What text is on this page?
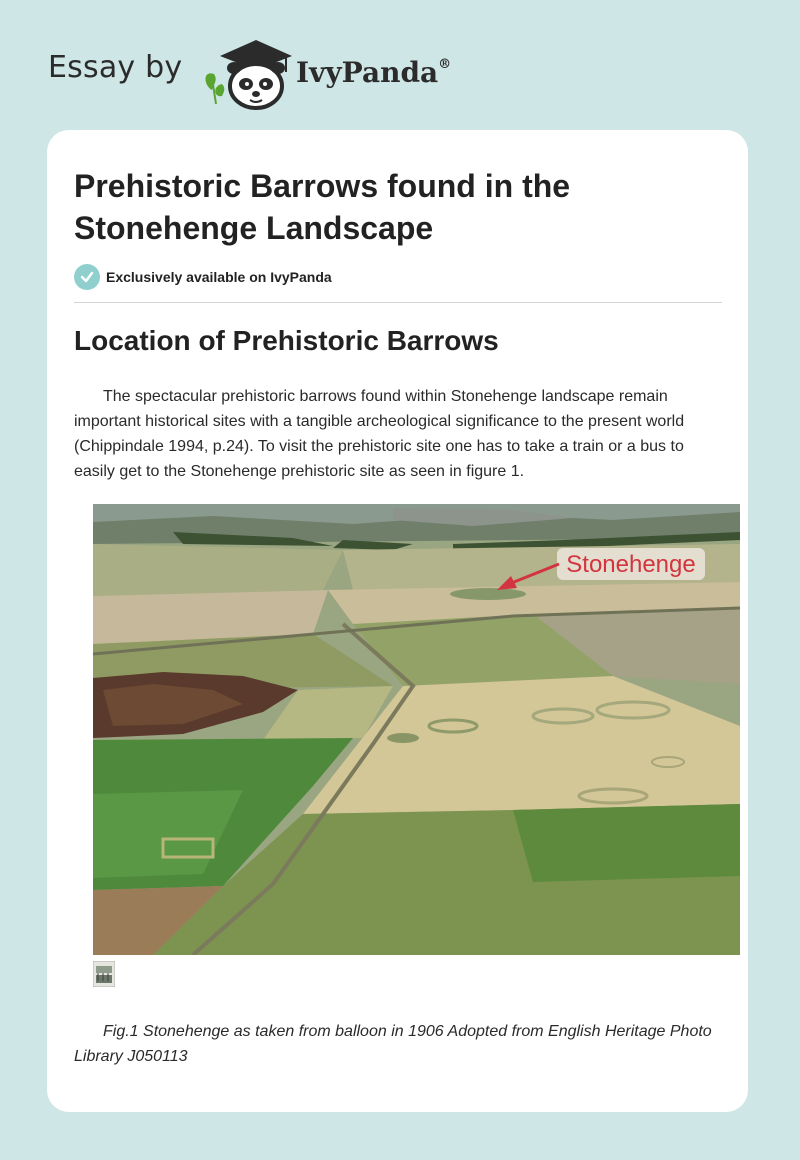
Essay by	IvyPanda®
Prehistoric Barrows found in the Stonehenge Landscape
Exclusively available on IvyPanda
Location of Prehistoric Barrows

The spectacular prehistoric barrows found within Stonehenge landscape remain important historical sites with a tangible archeological significance to the present world (Chippindale 1994, p.24). To visit the prehistoric site one has to take a train or a bus to easily get to the Stonehenge prehistoric site as seen in figure 1.

Stonehenge

Fig.1 Stonehenge as taken from balloon in 1906 Adopted from English Heritage Photo Library J050113
